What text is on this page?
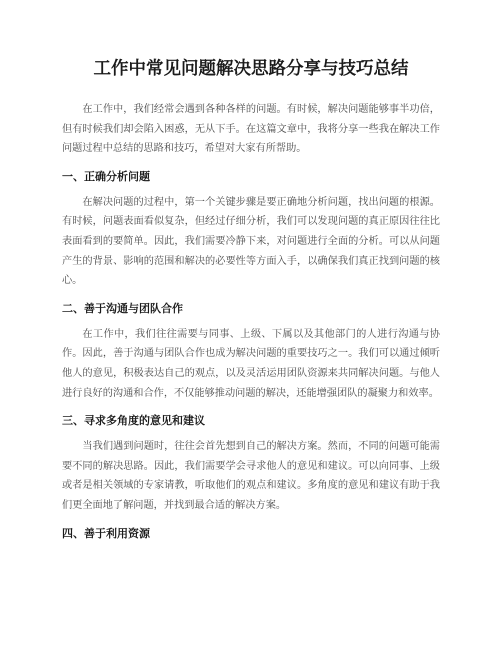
工作中常见问题解决思路分享与技巧总结

在工作中，我们经常会遇到各种各样的问题。有时候，解决问题能够事半功倍，但有时候我们却会陷入困惑，无从下手。在这篇文章中，我将分享一些我在解决工作问题过程中总结的思路和技巧，希望对大家有所帮助。

一、正确分析问题

在解决问题的过程中，第一个关键步骤是要正确地分析问题，找出问题的根源。有时候，问题表面看似复杂，但经过仔细分析，我们可以发现问题的真正原因往往比表面看到的要简单。因此，我们需要冷静下来，对问题进行全面的分析。可以从问题产生的背景、影响的范围和解决的必要性等方面入手，以确保我们真正找到问题的核心。

二、善于沟通与团队合作

在工作中，我们往往需要与同事、上级、下属以及其他部门的人进行沟通与协作。因此，善于沟通与团队合作也成为解决问题的重要技巧之一。我们可以通过倾听他人的意见，积极表达自己的观点，以及灵活运用团队资源来共同解决问题。与他人进行良好的沟通和合作，不仅能够推动问题的解决，还能增强团队的凝聚力和效率。

三、寻求多角度的意见和建议

当我们遇到问题时，往往会首先想到自己的解决方案。然而，不同的问题可能需要不同的解决思路。因此，我们需要学会寻求他人的意见和建议。可以向同事、上级或者是相关领域的专家请教，听取他们的观点和建议。多角度的意见和建议有助于我们更全面地了解问题，并找到最合适的解决方案。

四、善于利用资源
